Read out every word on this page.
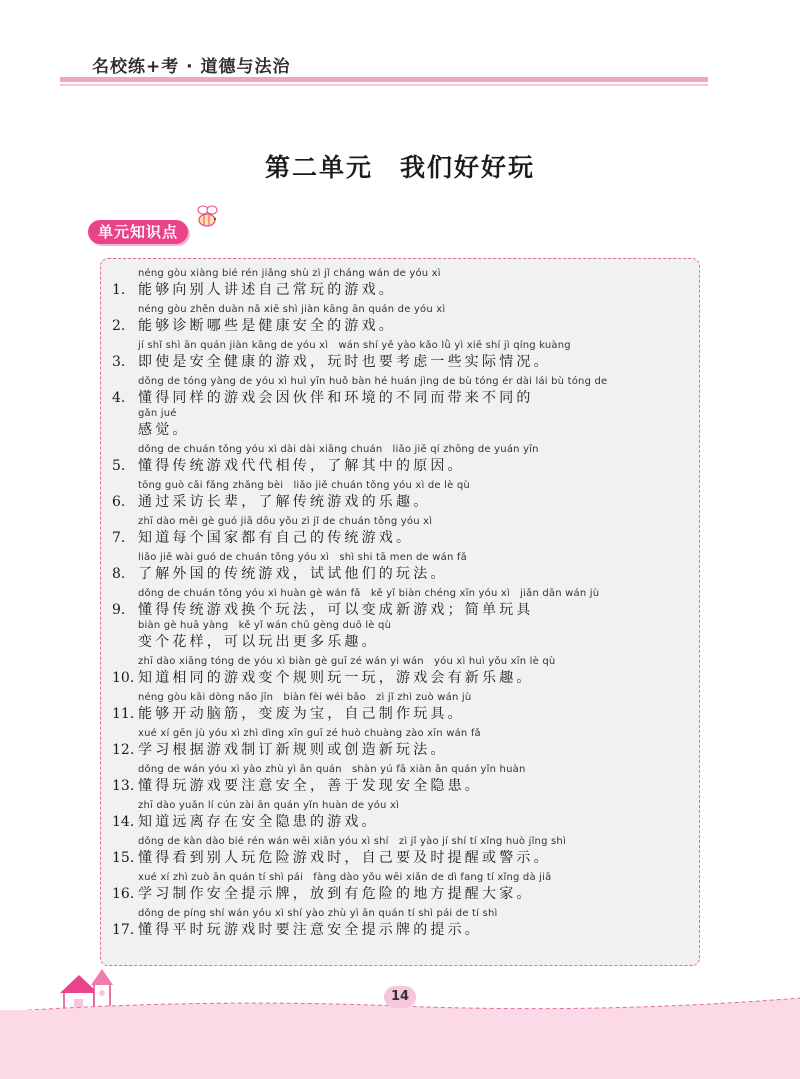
名校练+考 · 道德与法治
第二单元　我们好好玩
单元知识点
néng gòu xiàng bié rén jiǎng shù zì jǐ cháng wán de yóu xì
1. 能够向别人讲述自己常玩的游戏。
néng gòu zhěn duàn nǎ xiē shì jiàn kāng ān quán de yóu xì
2. 能够诊断哪些是健康安全的游戏。
jí shǐ shì ān quán jiàn kāng de yóu xì　wán shí yě yào kǎo lǜ yì xiē shí jì qíng kuàng
3. 即使是安全健康的游戏，玩时也要考虑一些实际情况。
dǒng de tóng yàng de yóu xì huì yīn huǒ bàn hé huán jìng de bù tóng ér dài lái bù tóng de
4. 懂得同样的游戏会因伙伴和环境的不同而带来不同的
gǎn jué
感觉。
dǒng de chuán tǒng yóu xì dài dài xiāng chuán　liǎo jiě qí zhōng de yuán yīn
5. 懂得传统游戏代代相传，了解其中的原因。
tōng guò cǎi fǎng zhǎng bèi　liǎo jiě chuán tǒng yóu xì de lè qù
6. 通过采访长辈，了解传统游戏的乐趣。
zhī dào měi gè guó jiā dōu yǒu zì jǐ de chuán tǒng yóu xì
7. 知道每个国家都有自己的传统游戏。
liǎo jiě wài guó de chuán tǒng yóu xì　shì shi tā men de wán fǎ
8. 了解外国的传统游戏，试试他们的玩法。
dǒng de chuán tǒng yóu xì huàn gè wán fǎ　kě yǐ biàn chéng xīn yóu xì　jiǎn dān wán jù
9. 懂得传统游戏换个玩法，可以变成新游戏；简单玩具
biàn gè huā yàng　kě yǐ wán chū gèng duō lè qù
变个花样，可以玩出更多乐趣。
zhī dào xiāng tóng de yóu xì biàn gè guī zé wán yi wán　yóu xì huì yǒu xīn lè qù
10. 知道相同的游戏变个规则玩一玩，游戏会有新乐趣。
néng gòu kāi dòng nǎo jīn　biàn fèi wéi bǎo　zì jǐ zhì zuò wán jù
11. 能够开动脑筋，变废为宝，自己制作玩具。
xué xí gēn jù yóu xì zhì dìng xīn guī zé huò chuàng zào xīn wán fǎ
12. 学习根据游戏制订新规则或创造新玩法。
dǒng de wán yóu xì yào zhù yì ān quán　shàn yú fā xiàn ān quán yǐn huàn
13. 懂得玩游戏要注意安全，善于发现安全隐患。
zhī dào yuǎn lí cún zài ān quán yǐn huàn de yóu xì
14. 知道远离存在安全隐患的游戏。
dǒng de kàn dào bié rén wán wēi xiǎn yóu xì shí　zì jǐ yào jí shí tí xǐng huò jǐng shì
15. 懂得看到别人玩危险游戏时，自己要及时提醒或警示。
xué xí zhì zuò ān quán tí shì pái　fàng dào yǒu wēi xiǎn de dì fang tí xǐng dà jiā
16. 学习制作安全提示牌，放到有危险的地方提醒大家。
dǒng de píng shí wán yóu xì shí yào zhù yì ān quán tí shì pái de tí shì
17. 懂得平时玩游戏时要注意安全提示牌的提示。
14
